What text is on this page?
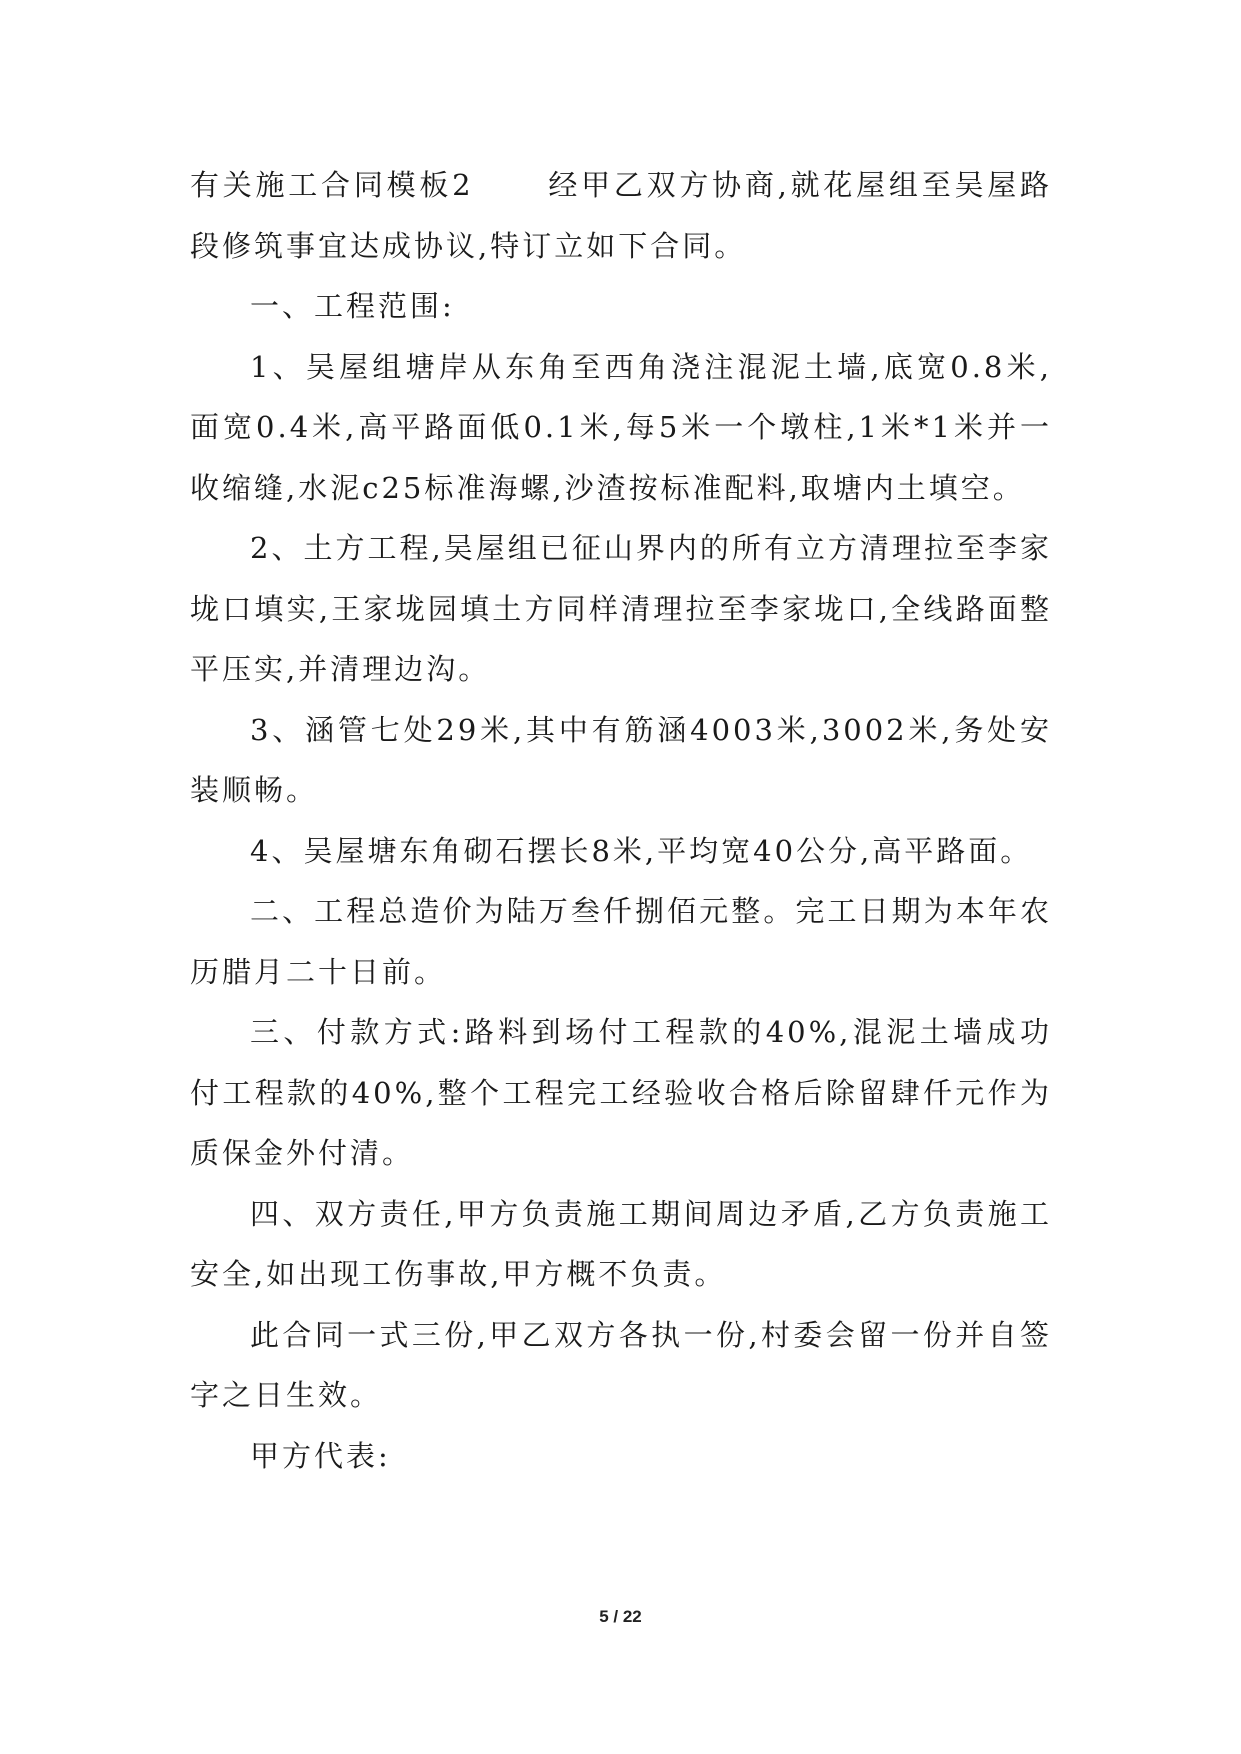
有关施工合同模板2	经甲乙双方协商,就花屋组至吴屋路段修筑事宜达成协议,特订立如下合同。

一、工程范围:

1、吴屋组塘岸从东角至西角浇注混泥土墙,底宽0.8米,面宽0.4米,高平路面低0.1米,每5米一个墩柱,1米*1米并一收缩缝,水泥c25标准海螺,沙渣按标准配料,取塘内土填空。

2、土方工程,吴屋组已征山界内的所有立方清理拉至李家垅口填实,王家垅园填土方同样清理拉至李家垅口,全线路面整平压实,并清理边沟。

3、涵管七处29米,其中有筋涵4003米,3002米,务处安装顺畅。

4、吴屋塘东角砌石摆长8米,平均宽40公分,高平路面。

二、工程总造价为陆万叁仟捌佰元整。完工日期为本年农历腊月二十日前。

三、付款方式:路料到场付工程款的40%,混泥土墙成功付工程款的40%,整个工程完工经验收合格后除留肆仟元作为质保金外付清。

四、双方责任,甲方负责施工期间周边矛盾,乙方负责施工安全,如出现工伤事故,甲方概不负责。

此合同一式三份,甲乙双方各执一份,村委会留一份并自签字之日生效。

甲方代表:

5 / 22
